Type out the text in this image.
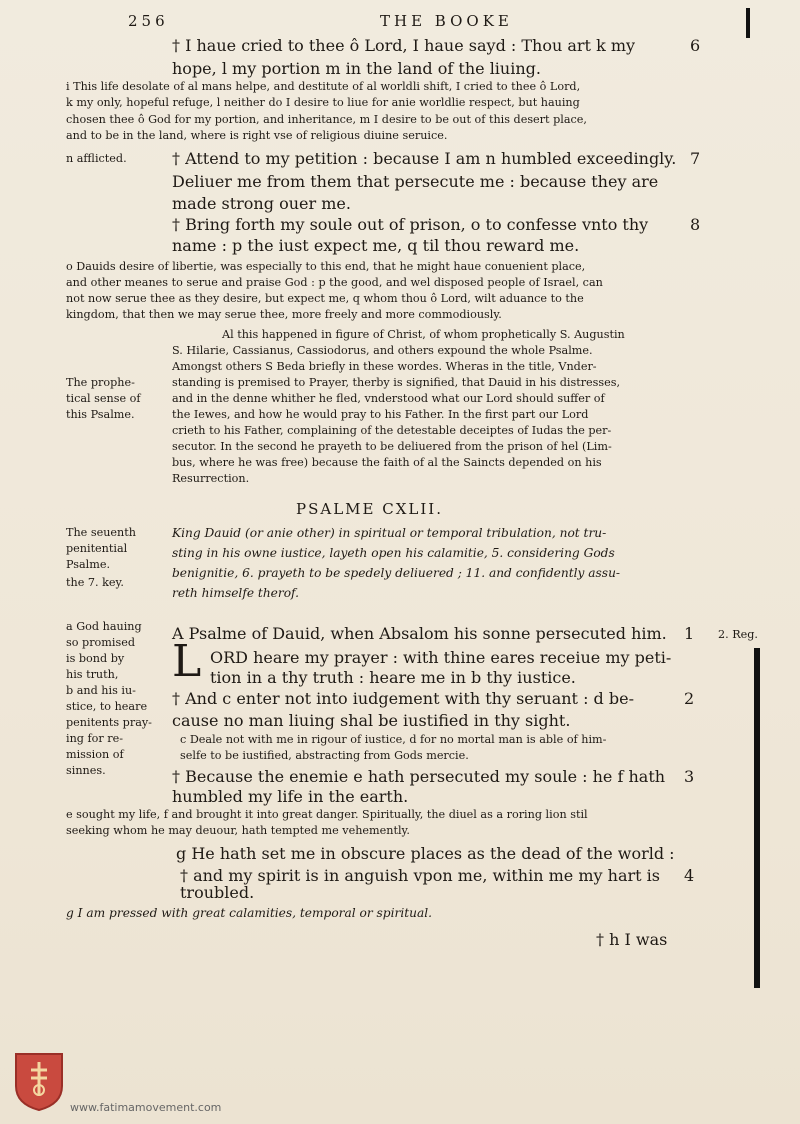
256	THE BOOKE
† I haue cried to thee ô Lord, I haue sayd : Thou art k my	6
hope, l my portion m in the land of the liuing.
i This life desolate of al mans helpe, and destitute of al worldli shift, I cried to thee ô Lord,
k my only, hopeful refuge, l neither do I desire to liue for anie worldlie respect, but hauing
chosen thee ô God for my portion, and inheritance, m I desire to be out of this desert place,
and to be in the land, where is right vse of religious diuine seruice.
n afflicted.	† Attend to my petition : because I am n humbled exceedingly. 7
Deliuer me from them that persecute me : because they are
made strong ouer me.
† Bring forth my soule out of prison, o to confesse vnto thy	8
name : p the iust expect me, q til thou reward me.
o Dauids desire of libertie, was especially to this end, that he might haue conuenient place,
and other meanes to serue and praise God : p the good, and wel disposed people of Israel, can
not now serue thee as they desire, but expect me, q whom thou ô Lord, wilt aduance to the
kingdom, that then we may serue thee, more freely and more commodiously.
Al this happened in figure of Christ, of whom prophetically S. Augustin
S. Hilarie, Cassianus, Cassiodorus, and others expound the whole Psalme.
Amongst others S Beda briefly in these wordes. Wheras in the title, Vnder-
standing is premised to Prayer, therby is signified, that Dauid in his distresses,
and in the denne whither he fled, vnderstood what our Lord should suffer of
the Iewes, and how he would pray to his Father. In the first part our Lord
crieth to his Father, complaining of the detestable deceiptes of Iudas the per-
secutor. In the second he prayeth to be deliuered from the prison of hel (Lim-
bus, where he was free) because the faith of al the Saincts depended on his
Resurrection.
The prophe-
tical sense of
this Psalme.
PSALME CXLII.
The seuenth
penitential
Psalme.
the 7. key.
King Dauid (or anie other) in spiritual or temporal tribulation, not tru-
sting in his owne iustice, layeth open his calamitie, 5. considering Gods
benignitie, 6. prayeth to be spedely deliuered ; 11. and confidently assu-
reth himselfe therof.
a God hauing
so promised
is bond by
his truth,
b and his iu-
stice, to heare
penitents pray-
ing for re-
mission of
sinnes.
A Psalme of Dauid, when Absalom his sonne persecuted him. 1 2. Reg.
L ORD heare my prayer : with thine eares receiue my peti-
tion in a thy truth : heare me in b thy iustice.
† And c enter not into iudgement with thy seruant : d be-	2
cause no man liuing shal be iustified in thy sight.
c Deale not with me in rigour of iustice, d for no mortal man is able of him-
selfe to be iustified, abstracting from Gods mercie.
† Because the enemie e hath persecuted my soule : he f hath 3
humbled my life in the earth.
e sought my life, f and brought it into great danger. Spiritually, the diuel as a roring lion stil
seeking whom he may deuour, hath tempted me vehemently.
g He hath set me in obscure places as the dead of the world :
† and my spirit is in anguish vpon me, within me my hart is 4
troubled.
g I am pressed with great calamities, temporal or spiritual.
† h I was
www.fatimamovement.com
